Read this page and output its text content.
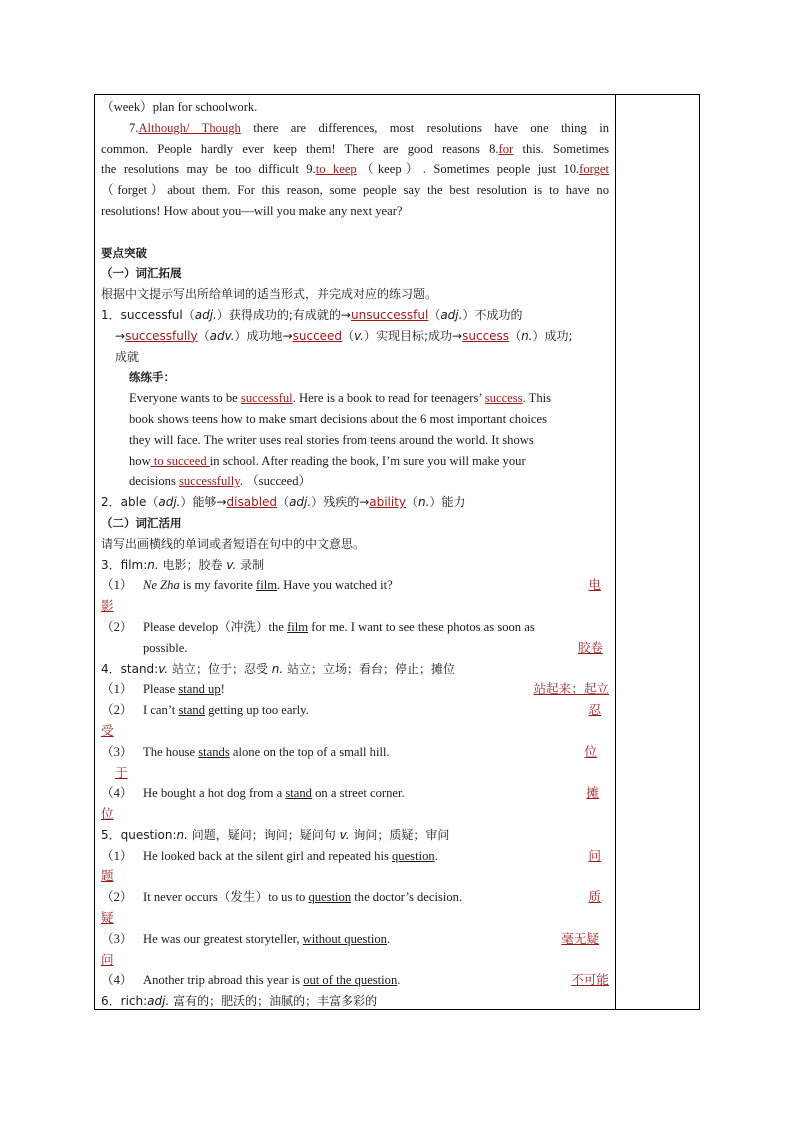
（week）plan for schoolwork.
7.Although/ Though there are differences, most resolutions have one thing in
common. People hardly ever keep them! There are good reasons 8.for this. Sometimes
the resolutions may be too difficult 9.to keep（keep）. Sometimes people just 10.forget
（forget）about them. For this reason, some people say the best resolution is to have no
resolutions! How about you—will you make any next year?
要点突破
（一）词汇拓展
根据中文提示写出所给单词的适当形式，并完成对应的练习题。
1．successful（adj.）获得成功的;有成就的→unsuccessful（adj.）不成功的
→successfully（adv.）成功地→succeed（v.）实现目标;成功→success（n.）成功;
成就
练练手：
Everyone wants to be successful. Here is a book to read for teenagers’ success. This
book shows teens how to make smart decisions about the 6 most important choices
they will face. The writer uses real stories from teens around the world. It shows
how to succeed in school. After reading the book, I’m sure you will make your
decisions successfully. （succeed）
2．able（adj.）能够→disabled（adj.）残疾的→ability（n.）能力
（二）词汇活用
请写出画横线的单词或者短语在句中的中文意思。
3．film:n. 电影；胶卷 v. 录制
（1） Ne Zha is my favorite film. Have you watched it?	电
影
（2） Please develop（冲洗）the film for me. I want to see these photos as soon as
possible.	胶卷
4．stand:v. 站立；位于；忍受 n. 站立；立场；看台；停止；摊位
（1） Please stand up!	站起来；起立
（2） I can’t stand getting up too early.	忍
受
（3） The house stands alone on the top of a small hill.	位
于
（4） He bought a hot dog from a stand on a street corner.	摊
位
5．question:n. 问题，疑问；询问；疑问句 v. 询问；质疑；审问
（1） He looked back at the silent girl and repeated his question.	问
题
（2） It never occurs（发生）to us to question the doctor’s decision.	质
疑
（3） He was our greatest storyteller, without question.	毫无疑
问
（4） Another trip abroad this year is out of the question.	不可能
6．rich:adj. 富有的；肥沃的；油腻的；丰富多彩的
